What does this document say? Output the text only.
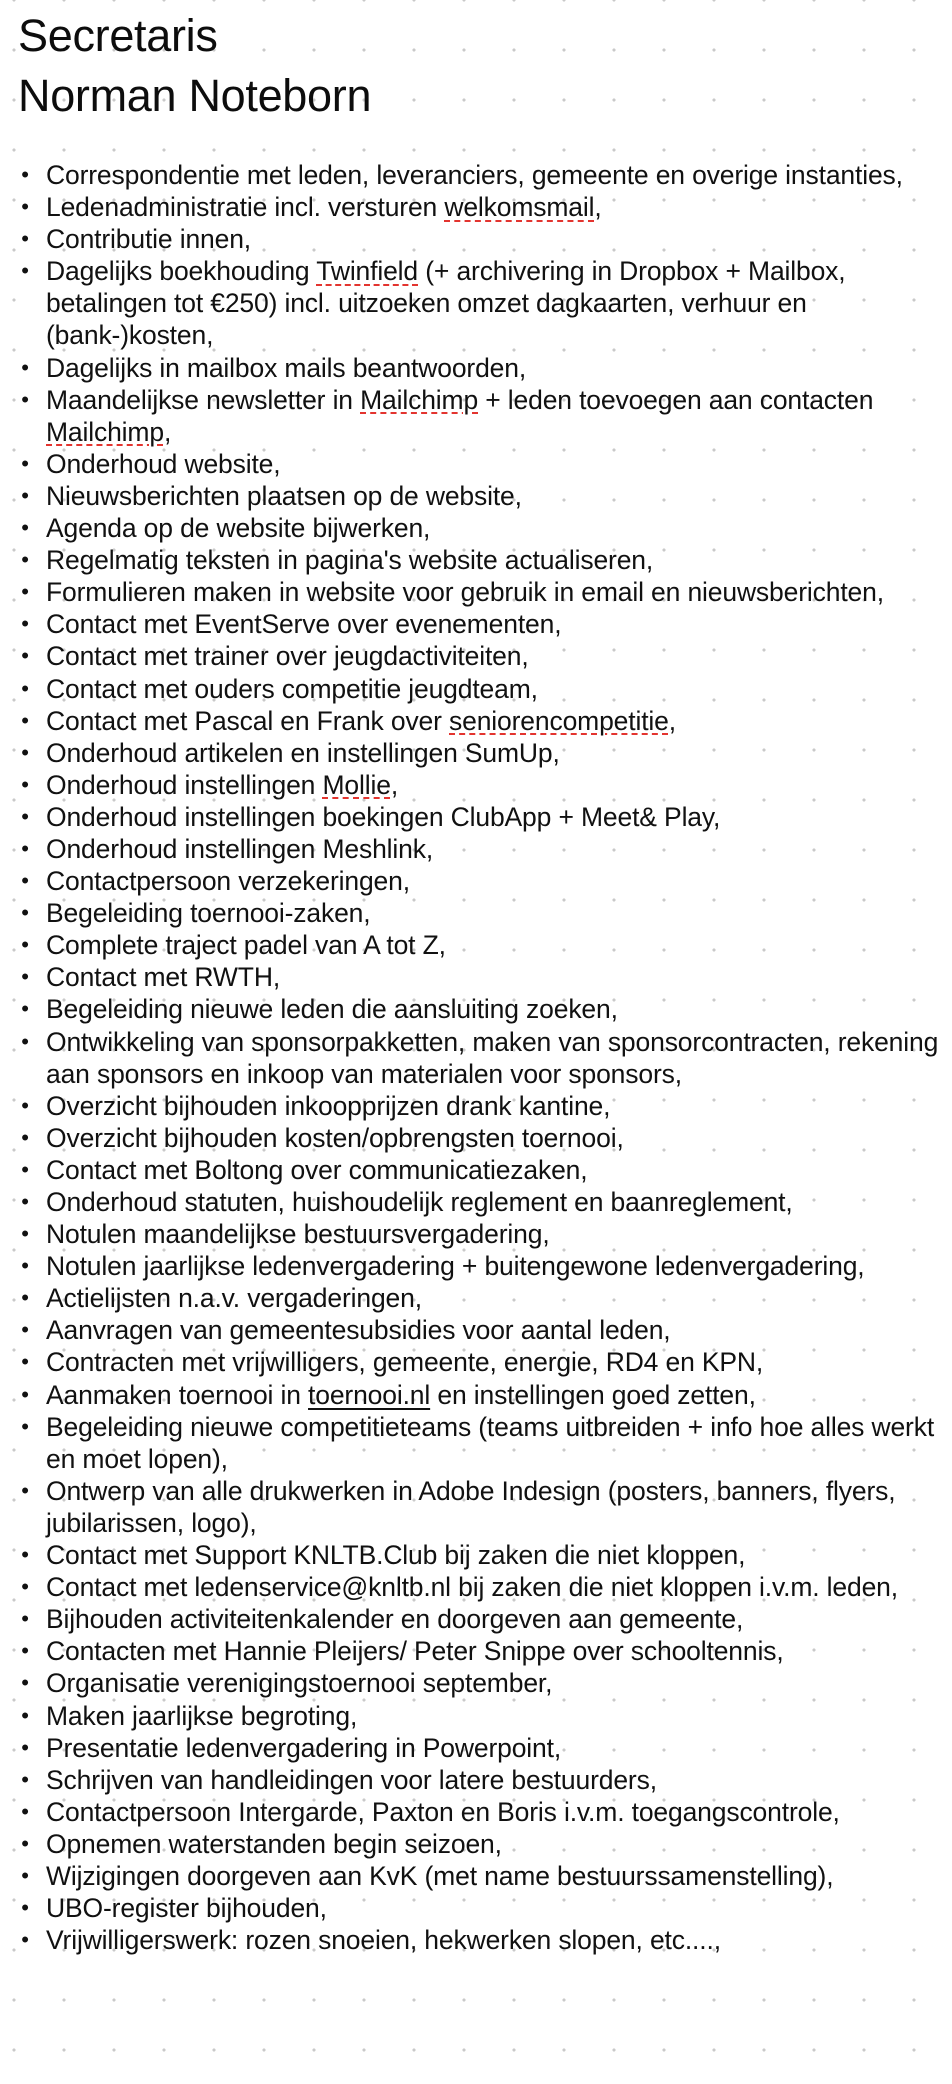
Secretaris

Norman Noteborn

• Correspondentie met leden, leveranciers, gemeente en overige instanties,
• Ledenadministratie incl. versturen welkomsmail,
• Contributie innen,
• Dagelijks boekhouding Twinfield (+ archivering in Dropbox + Mailbox, betalingen tot €250) incl. uitzoeken omzet dagkaarten, verhuur en (bank-)kosten,
• Dagelijks in mailbox mails beantwoorden,
• Maandelijkse newsletter in Mailchimp + leden toevoegen aan contacten Mailchimp,
• Onderhoud website,
• Nieuwsberichten plaatsen op de website,
• Agenda op de website bijwerken,
• Regelmatig teksten in pagina's website actualiseren,
• Formulieren maken in website voor gebruik in email en nieuwsberichten,
• Contact met EventServe over evenementen,
• Contact met trainer over jeugdactiviteiten,
• Contact met ouders competitie jeugdteam,
• Contact met Pascal en Frank over seniorencompetitie,
• Onderhoud artikelen en instellingen SumUp,
• Onderhoud instellingen Mollie,
• Onderhoud instellingen boekingen ClubApp + Meet& Play,
• Onderhoud instellingen Meshlink,
• Contactpersoon verzekeringen,
• Begeleiding toernooi-zaken,
• Complete traject padel van A tot Z,
• Contact met RWTH,
• Begeleiding nieuwe leden die aansluiting zoeken,
• Ontwikkeling van sponsorpakketten, maken van sponsorcontracten, rekening aan sponsors en inkoop van materialen voor sponsors,
• Overzicht bijhouden inkoopprijzen drank kantine,
• Overzicht bijhouden kosten/opbrengsten toernooi,
• Contact met Boltong over communicatiezaken,
• Onderhoud statuten, huishoudelijk reglement en baanreglement,
• Notulen maandelijkse bestuursvergadering,
• Notulen jaarlijkse ledenvergadering + buitengewone ledenvergadering,
• Actielijsten n.a.v. vergaderingen,
• Aanvragen van gemeentesubsidies voor aantal leden,
• Contracten met vrijwilligers, gemeente, energie, RD4 en KPN,
• Aanmaken toernooi in toernooi.nl en instellingen goed zetten,
• Begeleiding nieuwe competitieteams (teams uitbreiden + info hoe alles werkt en moet lopen),
• Ontwerp van alle drukwerken in Adobe Indesign (posters, banners, flyers, jubilarissen, logo),
• Contact met Support KNLTB.Club bij zaken die niet kloppen,
• Contact met ledenservice@knltb.nl bij zaken die niet kloppen i.v.m. leden,
• Bijhouden activiteitenkalender en doorgeven aan gemeente,
• Contacten met Hannie Pleijers/ Peter Snippe over schooltennis,
• Organisatie verenigingstoernooi september,
• Maken jaarlijkse begroting,
• Presentatie ledenvergadering in Powerpoint,
• Schrijven van handleidingen voor latere bestuurders,
• Contactpersoon Intergarde, Paxton en Boris i.v.m. toegangscontrole,
• Opnemen waterstanden begin seizoen,
• Wijzigingen doorgeven aan KvK (met name bestuurssamenstelling),
• UBO-register bijhouden,
• Vrijwilligerswerk: rozen snoeien, hekwerken slopen, etc....,
